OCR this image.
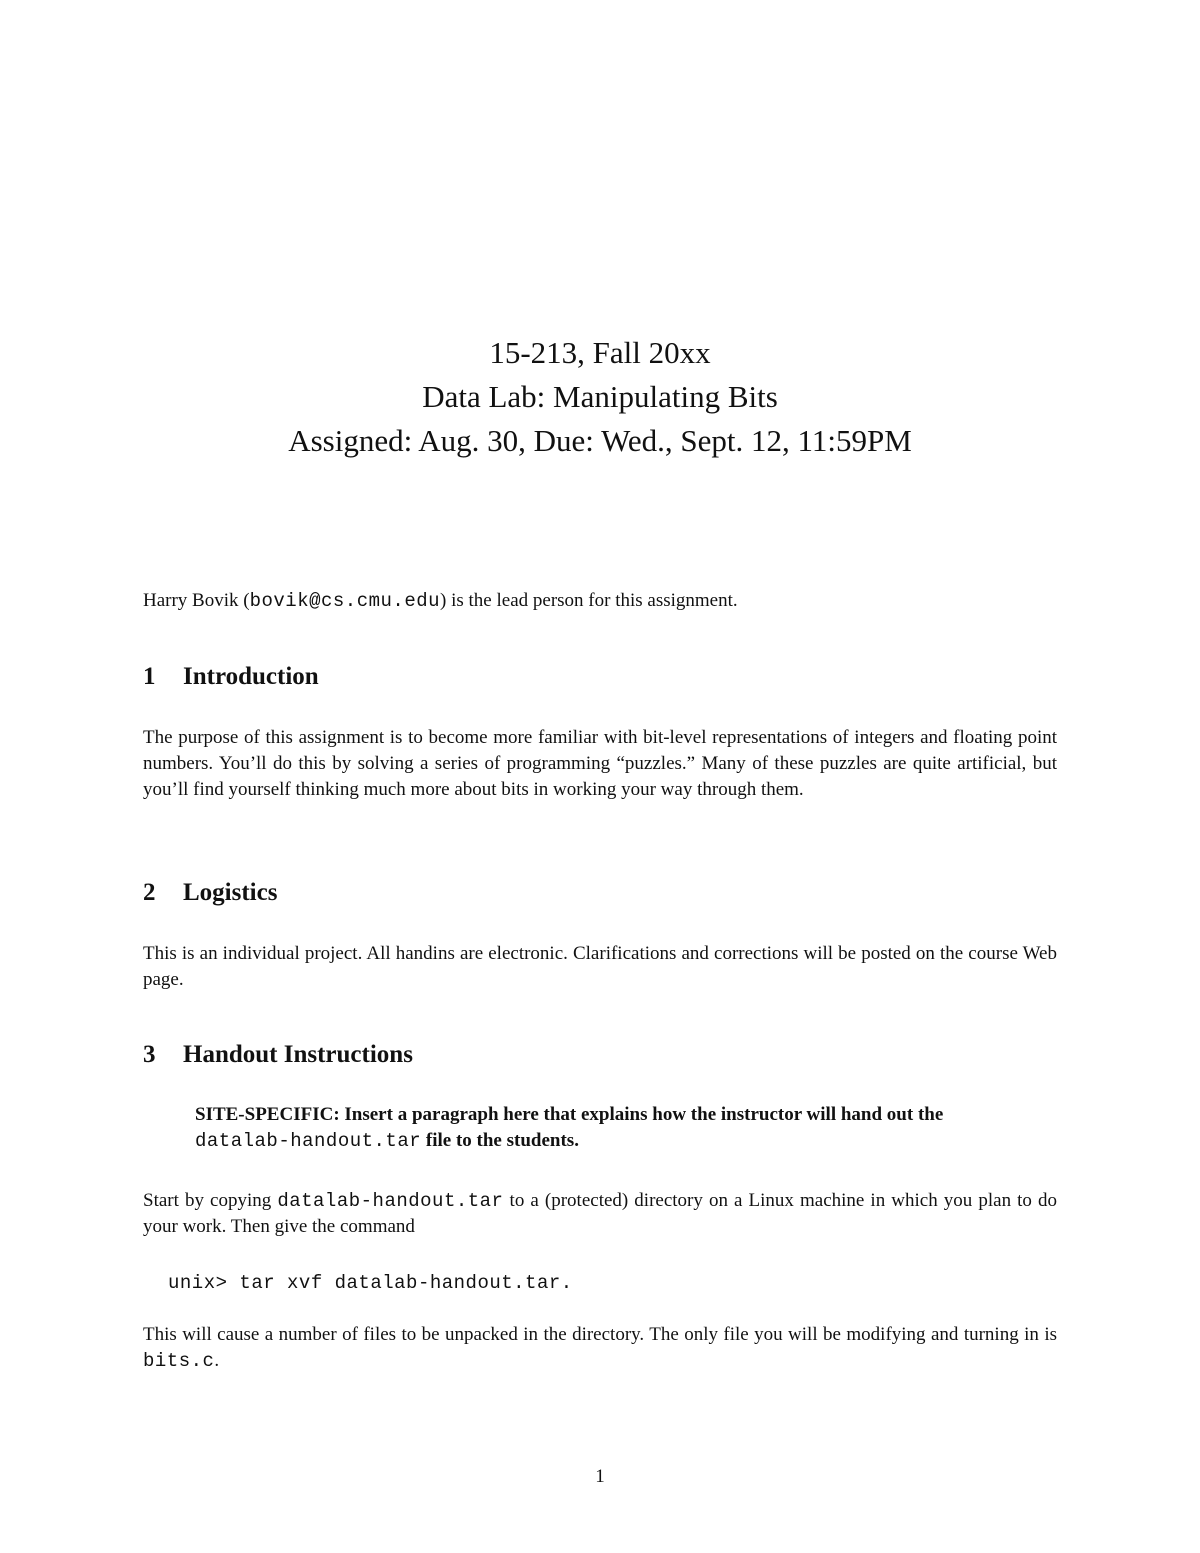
15-213, Fall 20xx
Data Lab: Manipulating Bits
Assigned: Aug. 30, Due: Wed., Sept. 12, 11:59PM
Harry Bovik (bovik@cs.cmu.edu) is the lead person for this assignment.
1 Introduction
The purpose of this assignment is to become more familiar with bit-level representations of integers and floating point numbers. You’ll do this by solving a series of programming “puzzles.” Many of these puzzles are quite artificial, but you’ll find yourself thinking much more about bits in working your way through them.
2 Logistics
This is an individual project. All handins are electronic. Clarifications and corrections will be posted on the course Web page.
3 Handout Instructions
SITE-SPECIFIC: Insert a paragraph here that explains how the instructor will hand out the datalab-handout.tar file to the students.
Start by copying datalab-handout.tar to a (protected) directory on a Linux machine in which you plan to do your work. Then give the command
unix> tar xvf datalab-handout.tar.
This will cause a number of files to be unpacked in the directory. The only file you will be modifying and turning in is bits.c.
1
